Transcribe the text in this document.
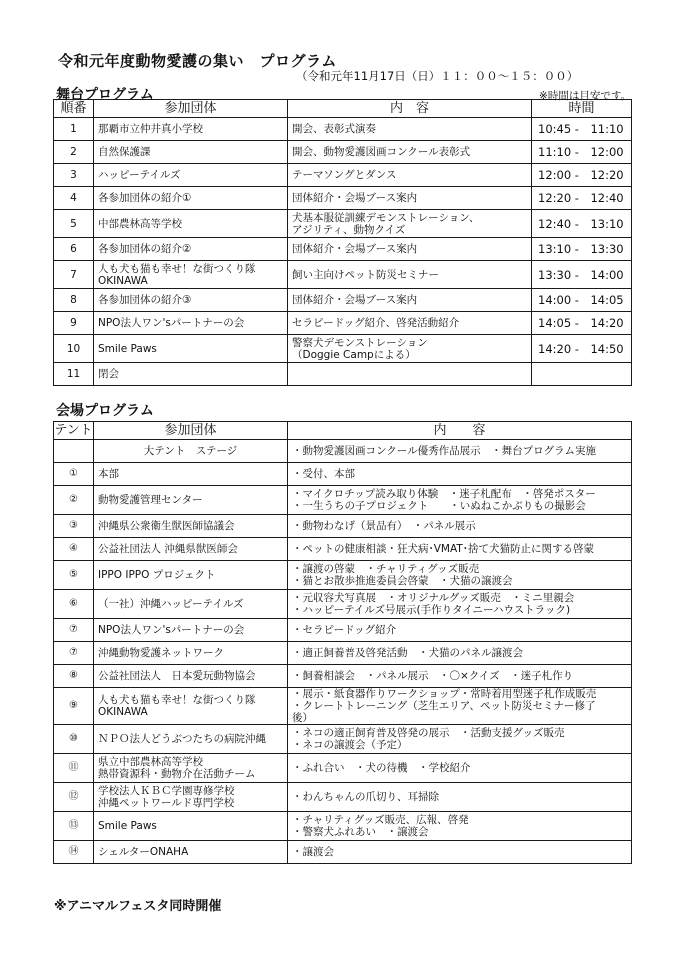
令和元年度動物愛護の集い　プログラム
（令和元年11月17日（日）１１：００～１５：００）
舞台プログラム	※時間は目安です。
順番	参加団体	内　容	時間
1	那覇市立仲井真小学校	開会、表彰式演奏	10:45 -　11:10
2	自然保護課	開会、動物愛護図画コンクール表彰式	11:10 -　12:00
3	ハッピーテイルズ	テーマソングとダンス	12:00 -　12:20
4	各参加団体の紹介①	団体紹介・会場ブース案内	12:20 -　12:40
5	中部農林高等学校	犬基本服従訓練デモンストレーション、
アジリティ、動物クイズ	12:40 -　13:10
6	各参加団体の紹介②	団体紹介・会場ブース案内	13:10 -　13:30
7	人も犬も猫も幸せ！な街つくり隊
OKINAWA	飼い主向けペット防災セミナー	13:30 -　14:00
8	各参加団体の紹介③	団体紹介・会場ブース案内	14:00 -　14:05
9	NPO法人ワン'sパートナーの会	セラピードッグ紹介、啓発活動紹介	14:05 -　14:20
10	Smile Paws	警察犬デモンストレーション
（Doggie Campによる）	14:20 -　14:50
11	閉会		

会場プログラム
テント	参加団体	内　　容

	大テント　ステージ	・動物愛護図画コンクール優秀作品展示　・舞台プログラム実施

①	本部	・受付、本部

②	動物愛護管理センター	・マイクロチップ読み取り体験　・迷子札配布　・啓発ポスター
・一生うちの子プロジェクト　　・いぬねこかぶりもの撮影会

③	沖縄県公衆衛生獣医師協議会	・動物わなげ（景品有）　・パネル展示

④	公益社団法人 沖縄県獣医師会	・ペットの健康相談・狂犬病･VMAT･捨て犬猫防止に関する啓蒙

⑤	IPPO IPPO プロジェクト	・譲渡の啓蒙　・チャリティグッズ販売
・猫とお散歩推進委員会啓蒙　・犬猫の譲渡会

⑥	（一社）沖縄ハッピーテイルズ	・元収容犬写真展　・オリジナルグッズ販売　・ミニ里親会
・ハッピーテイルズ号展示(手作りタイニーハウストラック)

⑦	NPO法人ワン'sパートナーの会	・セラピードッグ紹介

⑦	沖縄動物愛護ネットワーク	・適正飼養普及啓発活動　・犬猫のパネル譲渡会

⑧	公益社団法人　日本愛玩動物協会	・飼養相談会　・パネル展示　・〇×クイズ　・迷子札作り

⑨	人も犬も猫も幸せ！な街つくり隊
OKINAWA	・展示・紙食器作りワークショップ・常時着用型迷子札作成販売
・クレートトレーニング（芝生エリア、ペット防災セミナー修了
後）

⑩	ＮＰＯ法人どうぶつたちの病院沖縄	・ネコの適正飼育普及啓発の展示　・活動支援グッズ販売
・ネコの譲渡会（予定）

⑪	県立中部農林高等学校
熱帯資源科・動物介在活動チーム	・ふれ合い　・犬の待機　・学校紹介

⑫	学校法人ＫＢＣ学園専修学校
沖縄ペットワールド専門学校	・わんちゃんの爪切り、耳掃除

⑬	Smile Paws	・チャリティグッズ販売、広報、啓発
・警察犬ふれあい　・譲渡会

⑭	シェルターONAHA	・譲渡会
※アニマルフェスタ同時開催
